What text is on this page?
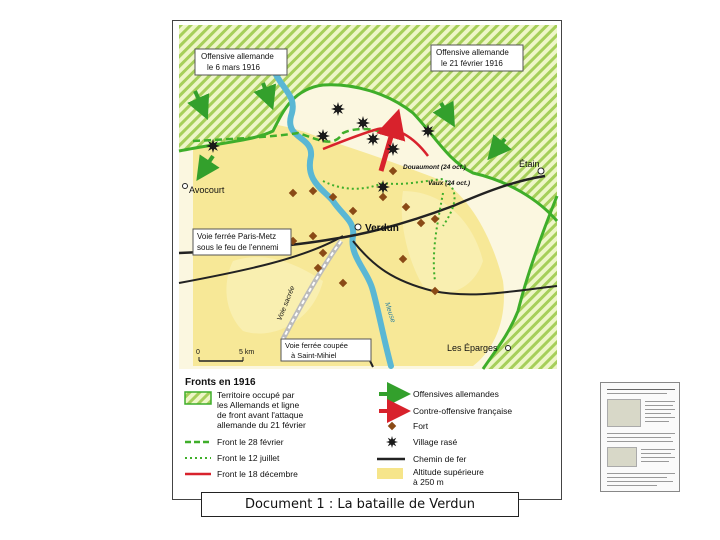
Offensive allemande
le 6 mars 1916
Offensive allemande
le 21 février 1916
Voie ferrée Paris-Metz
sous le feu de l'ennemi
Voie ferrée coupée
à Saint-Mihiel
Avocourt
Verdun
Étain
Les Éparges
Douaumont (24 oct.)
Vaux (24 oct.)
Voie sacrée	Meuse
0	5 km
Fronts en 1916
Territoire occupé par
les Allemands et ligne
de front avant l'attaque
allemande du 21 février
Front le 28 février
Front le 12 juillet
Front le 18 décembre
Offensives allemandes
Contre-offensive française
Fort
Village rasé
Chemin de fer
Altitude supérieure
à 250 m
Document 1 : La bataille de Verdun
